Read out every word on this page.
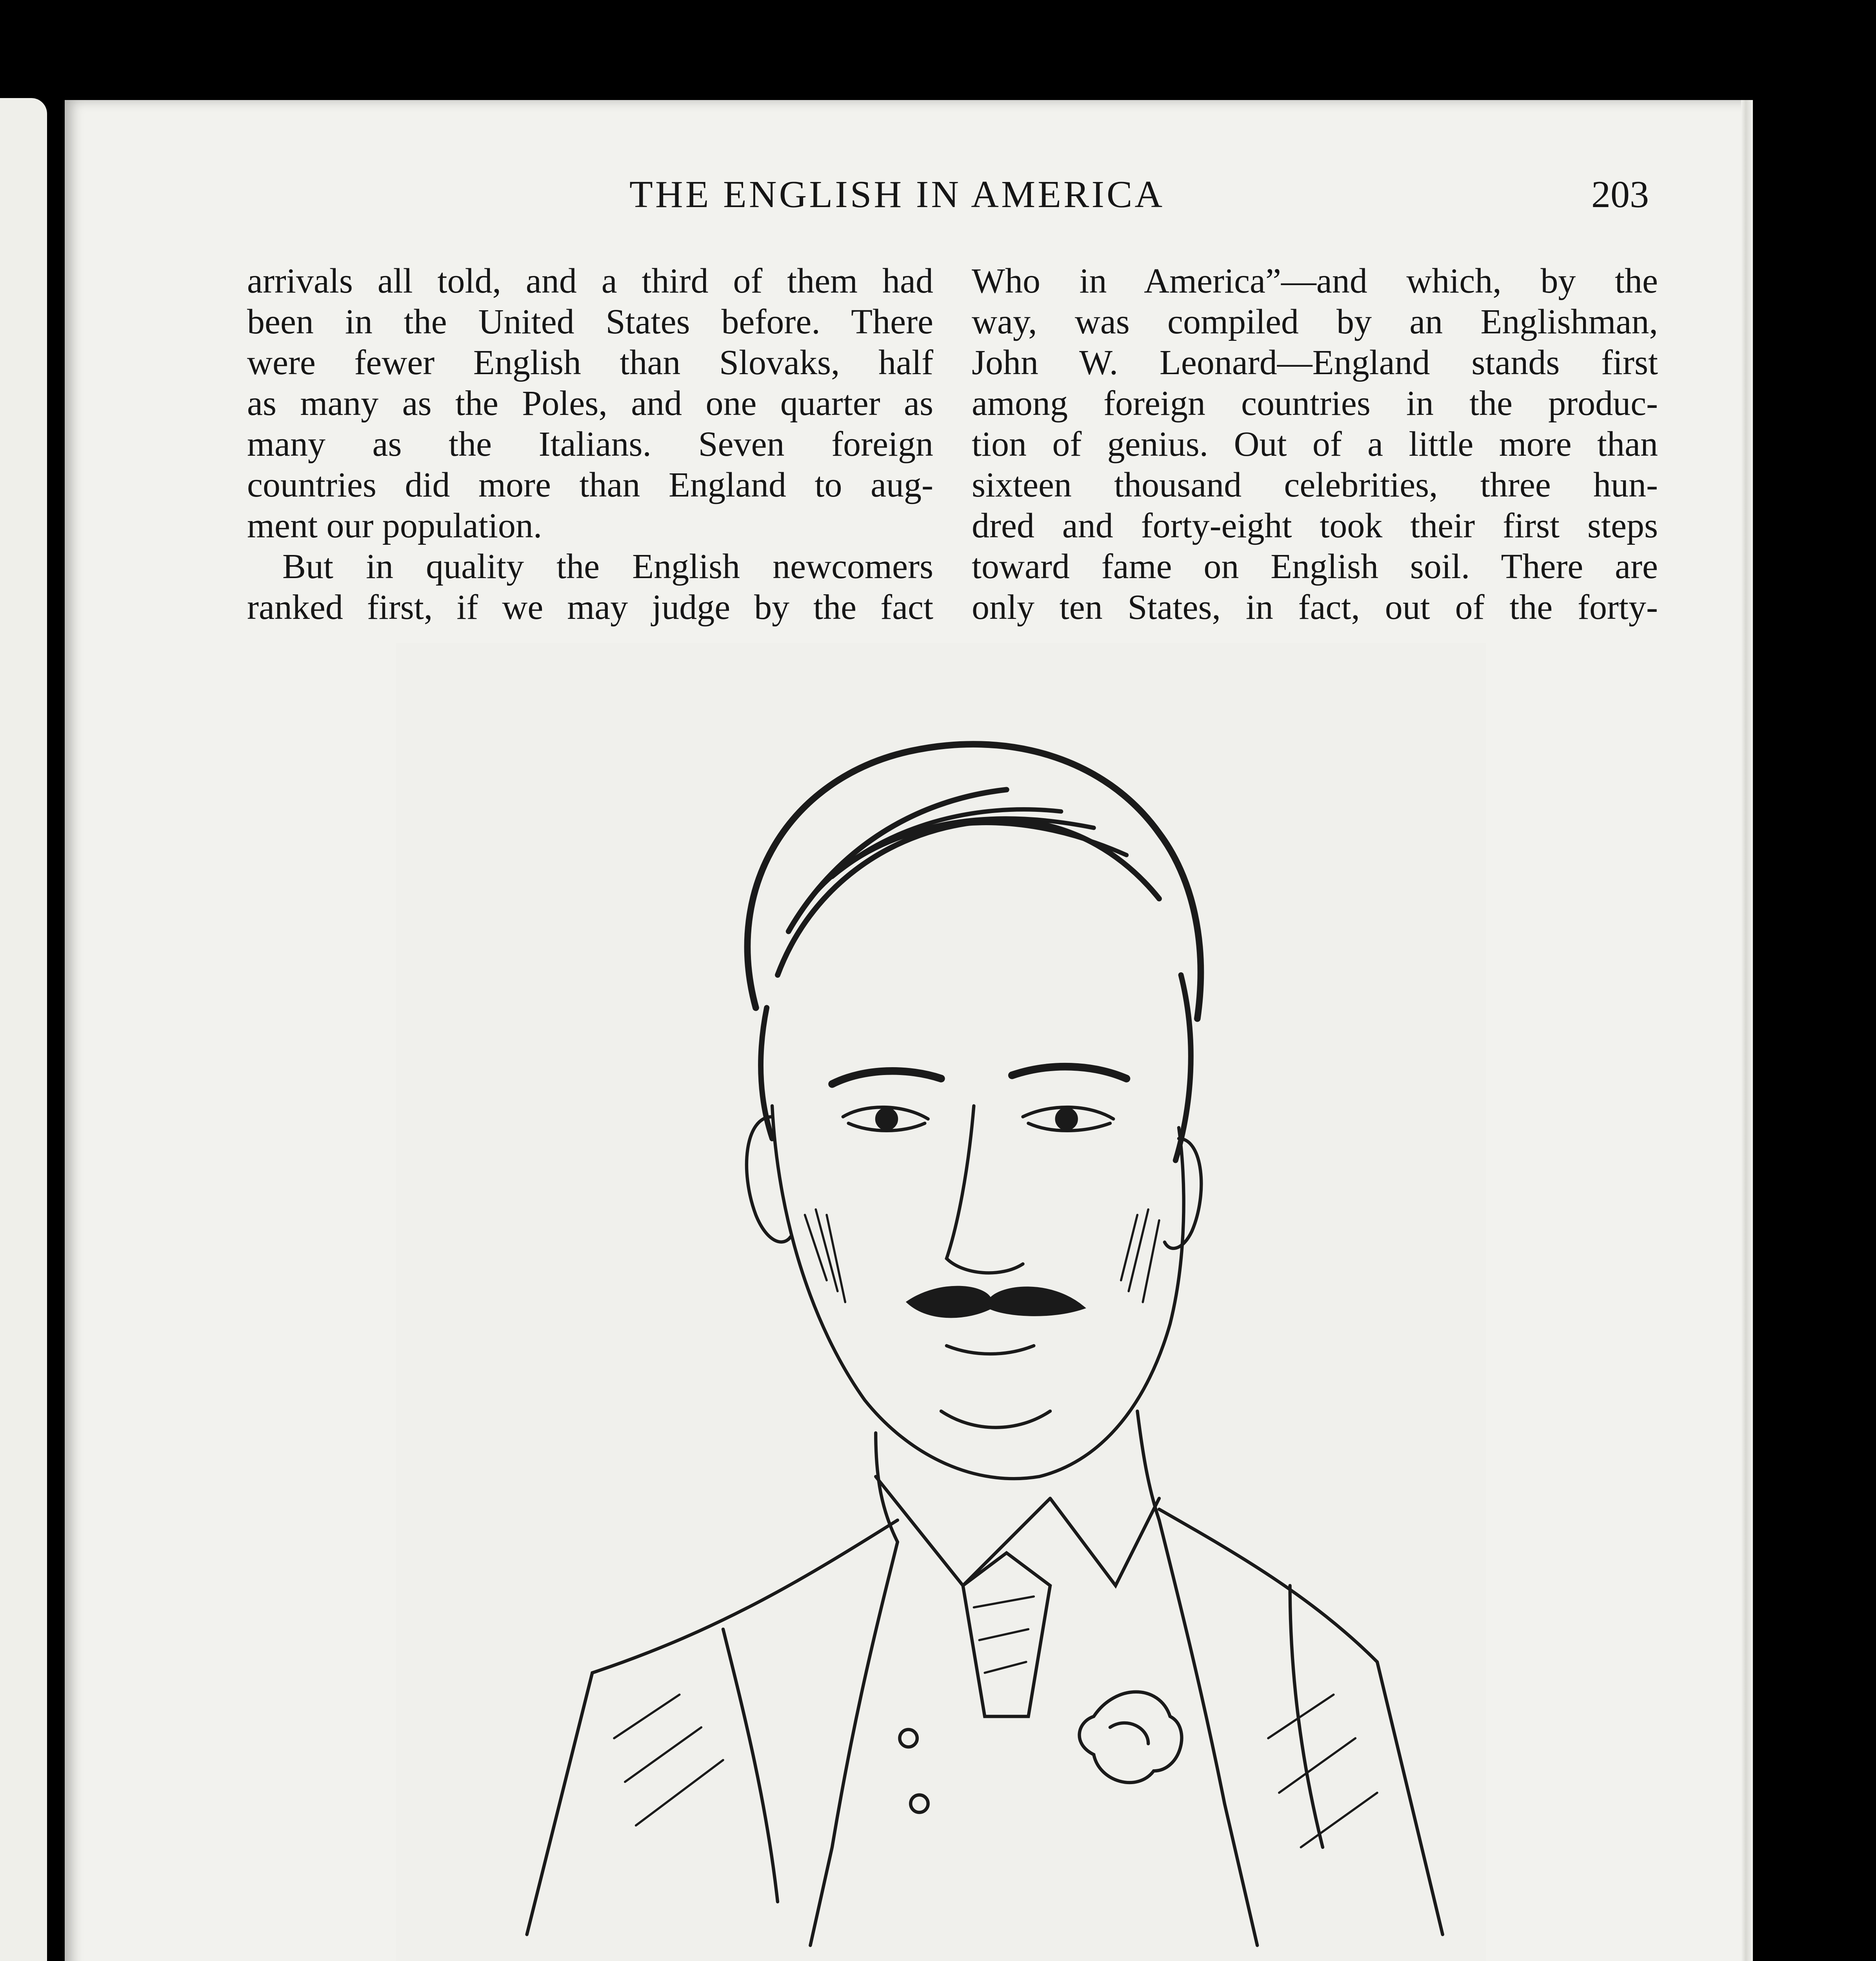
THE ENGLISH IN AMERICA	203
arrivals all told, and a third of them had
been in the United States before. There
were fewer English than Slovaks, half
as many as the Poles, and one quarter as
many as the Italians. Seven foreign
countries did more than England to aug-
ment our population.
But in quality the English newcomers
ranked first, if we may judge by the fact
Who in America”—and which, by the
way, was compiled by an Englishman,
John W. Leonard—England stands first
among foreign countries in the produc-
tion of genius. Out of a little more than
sixteen thousand celebrities, three hun-
dred and forty-eight took their first steps
toward fame on English soil. There are
only ten States, in fact, out of the forty-
